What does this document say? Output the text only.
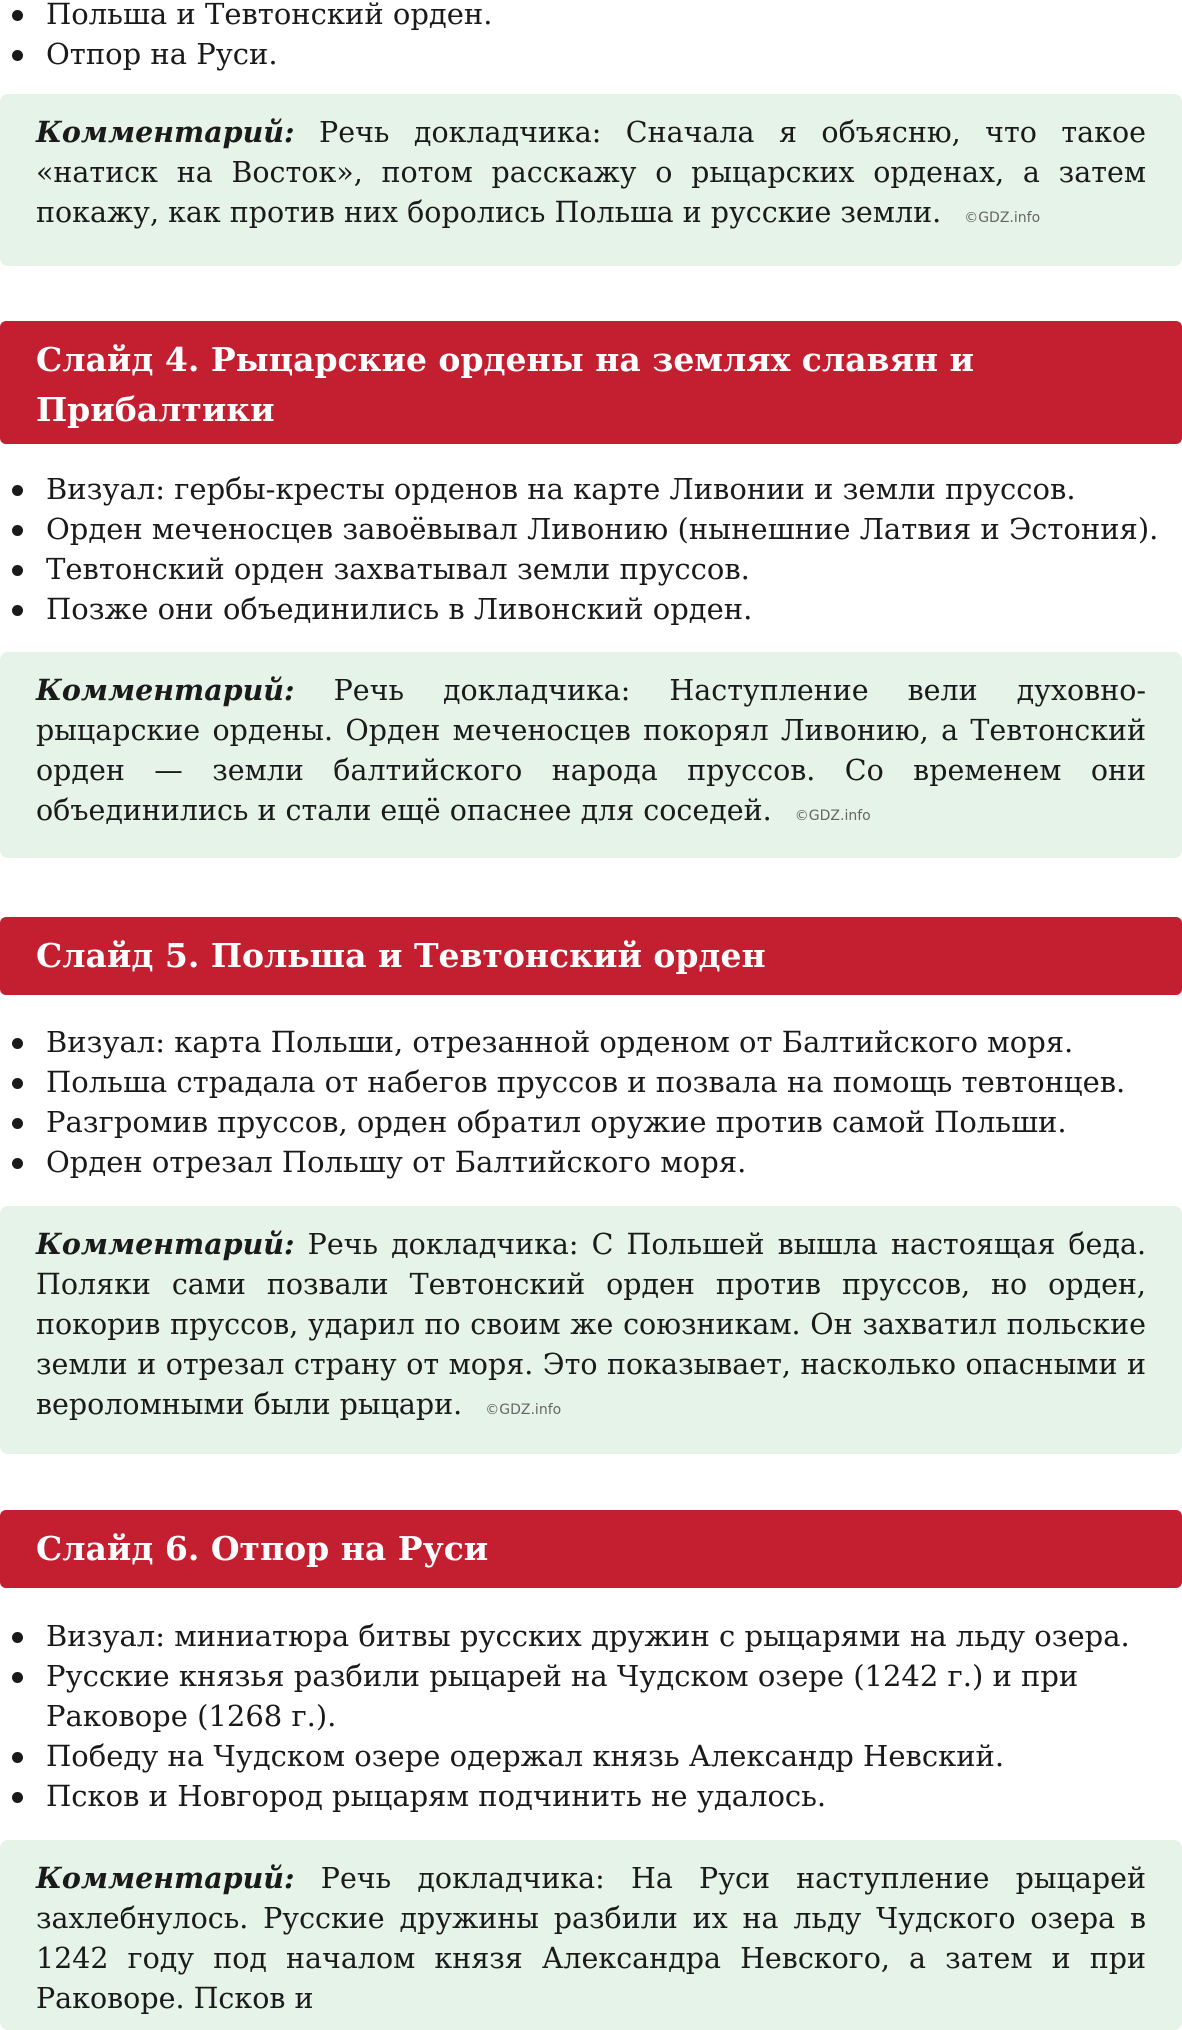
Польша и Тевтонский орден.
Отпор на Руси.
Комментарий: Речь докладчика: Сначала я объясню, что такое «натиск на Восток», потом расскажу о рыцарских орденах, а затем покажу, как против них боролись Польша и русские земли. ©GDZ.info
Слайд 4. Рыцарские ордены на землях славян и Прибалтики
Визуал: гербы-кресты орденов на карте Ливонии и земли пруссов.
Орден меченосцев завоёвывал Ливонию (нынешние Латвия и Эстония).
Тевтонский орден захватывал земли пруссов.
Позже они объединились в Ливонский орден.
Комментарий: Речь докладчика: Наступление вели духовно-рыцарские ордены. Орден меченосцев покорял Ливонию, а Тевтонский орден — земли балтийского народа пруссов. Со временем они объединились и стали ещё опаснее для соседей. ©GDZ.info
Слайд 5. Польша и Тевтонский орден
Визуал: карта Польши, отрезанной орденом от Балтийского моря.
Польша страдала от набегов пруссов и позвала на помощь тевтонцев.
Разгромив пруссов, орден обратил оружие против самой Польши.
Орден отрезал Польшу от Балтийского моря.
Комментарий: Речь докладчика: С Польшей вышла настоящая беда. Поляки сами позвали Тевтонский орден против пруссов, но орден, покорив пруссов, ударил по своим же союзникам. Он захватил польские земли и отрезал страну от моря. Это показывает, насколько опасными и вероломными были рыцари. ©GDZ.info
Слайд 6. Отпор на Руси
Визуал: миниатюра битвы русских дружин с рыцарями на льду озера.
Русские князья разбили рыцарей на Чудском озере (1242 г.) и при Раковоре (1268 г.).
Победу на Чудском озере одержал князь Александр Невский.
Псков и Новгород рыцарям подчинить не удалось.
Комментарий: Речь докладчика: На Руси наступление рыцарей захлебнулось. Русские дружины разбили их на льду Чудского озера в 1242 году под началом князя Александра Невского, а затем и при Раковоре. Псков и
